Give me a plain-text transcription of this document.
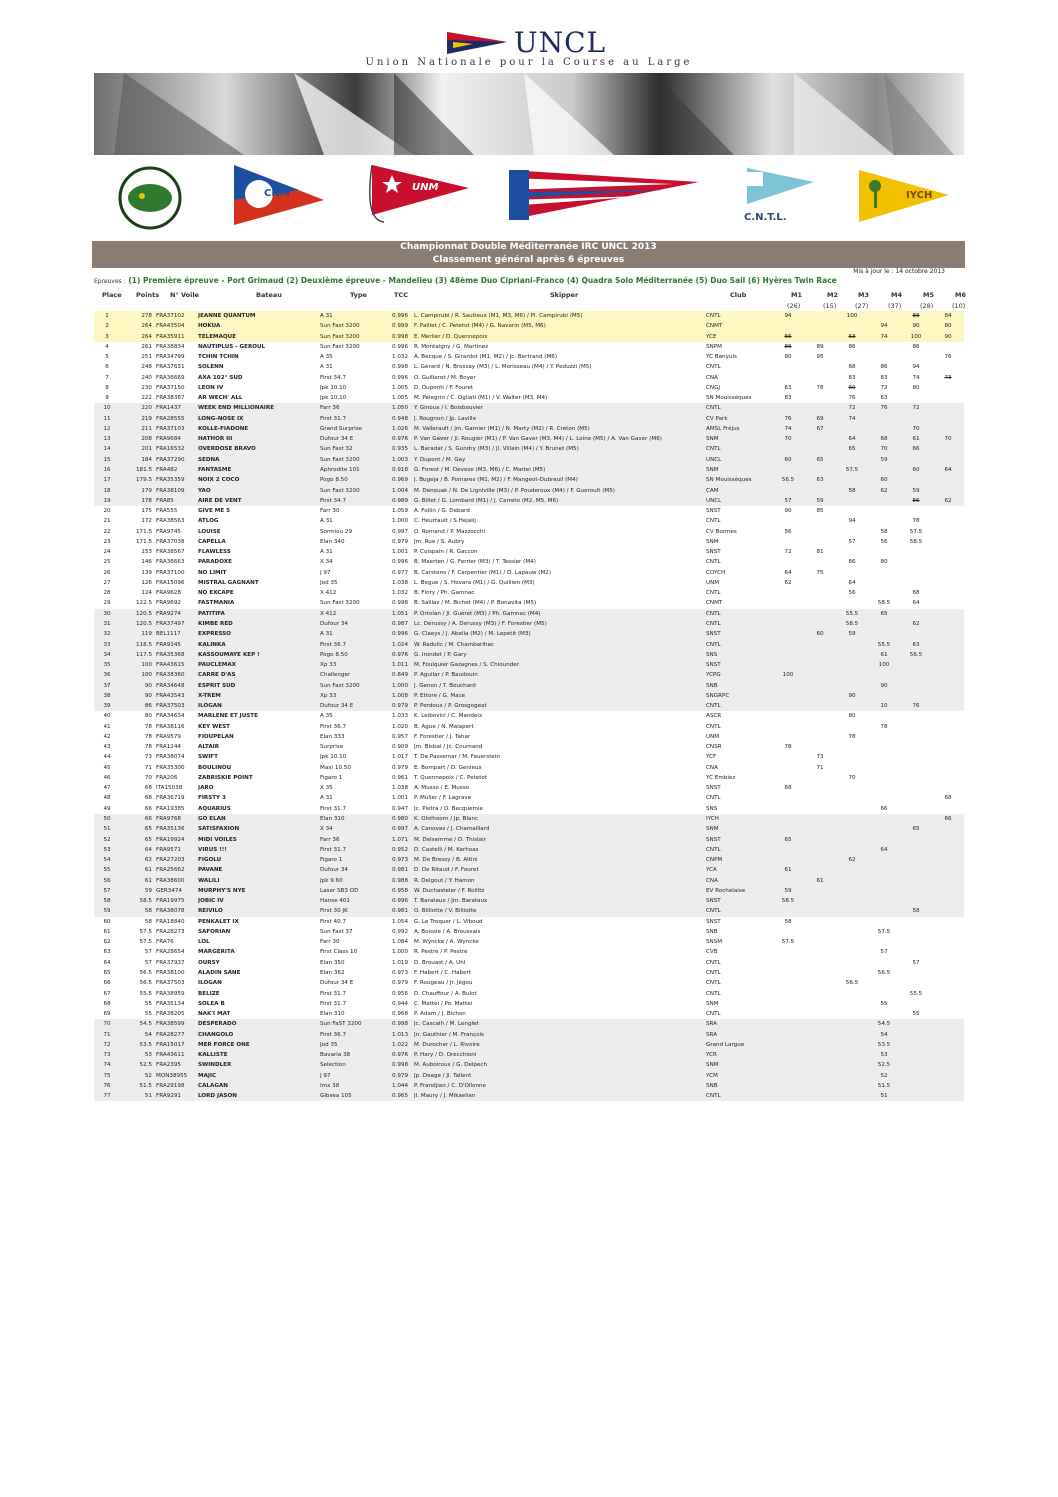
UNCL
Union Nationale pour la Course au Large
CNM
UNM
C.N.T.L.
IYCH
Championnat Double Méditerranée IRC UNCL 2013
Classement général après 6 épreuves
Mis à jour le : 14 octobre 2013
Epreuves : (1) Première épreuve - Port Grimaud (2) Deuxième épreuve - Mandelieu (3) 48ème Duo Cipriani-Franco (4) Quadra Solo Méditerranée (5) Duo Sail (6) Hyères Twin Race
Place Points N° Voile	Bateau	Type	TCC	Skipper	Club	M1	M2	M3	M4	M5	M6
(26)	(15)	(27)	(37)	(28)	(10)
1	278	FRA37102	JEANNE QUANTUM	A 31	0.996	L. Campirubi / R. Sautieux (M1, M3, M6) / Pl. Campirubi (M5)	CNTL	94		100		83	84
2	264	FRA43504	HOKUA	Sun Fast 3200	0.999	F. Paillet / C. Petetot (M4) / G. Navarin (M5, M6)	CNMT				94	90	80
3	264	FRA35911	TELEMAQUE	Sun Fast 3200	0.998	E. Merlier / D. Quennepoix	YCE	66		63	74	100	90
4	261	FRA38834	NAUTIPLUS - GEROUL	Sun Fast 3200	0.996	R. Montaigny / G. Martinez	SNPM	86	89	86		86	
5	251	FRA34799	TCHIN TCHIN	A 35	1.032	A. Becque / S. Girardot (M1, M2) / Jc. Bertrand (M6)	YC Banyuls	80	95				76
6	248	FRA37631	SOLENN	A 31	0.998	L. Gérard / N. Brossay (M3) / L. Morisseau (M4) / Y. Peduzzi (M5)	CNTL			68	86	94	
7	240	FRA36669	AXA 102° SUD	First 34.7	0.996	O. Guillerot / M. Boyer	CNA			83	83	74	73
8	230	FRA37150	LEON IV	Jpk 10.10	1.005	D. Duponti / F. Fouret	CNGJ	63	78	60	72	80	
9	222	FRA38387	AR WECH' ALL	Jpk 10.10	1.005	M. Pelegrin / C. Ogliati (M1) / V. Walter (M3, M4)	SN Mouissèques	83		76	63		
10	220	FRA1437	WEEK END MILLIONAIRE	Farr 36	1.050	Y. Ginoux / I. Boisbouvier	CNTL			72	76	72	
11	219	FRA28555	LONG-NOSE IX	First 31.7	0.948	J. Rougnon / Jp. Laville	CV Park	76	69	74			
12	211	FRA37103	KOLLE-FIADONE	Grand Surprise	1.026	M. Vallerault / Jm. Garnier (M1) / N. Marty (M2) / R. Creton (M5)	AMSL Fréjus	74	67			70	
13	208	FRA9684	HATHOR III	Dufour 34 E	0.976	P. Van Gaver / Jl. Rougier (M1) / P. Van Gaver (M3, M4) / L. Loine (M5) / A. Van Gaver (M6)	SNM	70		64	68	61	70
14	201	FRA16532	OVERDOSE BRAVO	Sun Fast 32	0.935	L. Baradat / S. Gundry (M3) / Jl. Villain (M4) / Y. Brunet (M5)	CNTL			65	70	66	
15	184	FRA37290	SEDNA	Sun Fast 3200	1.003	Y. Dupont / M. Gay	UNCL	60	65		59		
16	181.5	FRA482	FANTASME	Aphrodite 101	0.918	G. Forest / M. Deveze (M3, M6) / C. Mattei (M5)	SNM			57.5		60	64
17	179.5	FRA35359	NOIX 2 COCO	Pogo 8.50	0.969	J. Bugeja / B. Pomares (M1, M2) / F. Mangeot-Dubreuil (M4)	SN Mouissèques	56.5	63		60		
18	179	FRA38109	YAO	Sun Fast 3200	1.004	M. Denouak / N. De Ligniville (M3) / P. Pouderoux (M4) / F. Gueroult (M5)	CAM			58	62	59	
19	178	FRA85	AIRE DE VENT	First 34.7	0.989	G. Billet / G. Lombard (M1) / J. Carreto (M2, M5, M6)	UNCL	57	59			56	62
20	175	FRA555	GIVE ME 5	Farr 30	1.059	A. Follin / G. Debard	SNST	90	85				
21	172	FRA38563	ATLOG	A 31	1.000	C. Heurtault / S.Hejalij	CNTL			94		78	
22	171.5	FRA9745	LOUISE	Sormiou 29	0.997	O. Romand / P. Mazzocchi	CV Bormes	56			58	57.5	
23	171.5	FRA37038	CAPELLA	Elan 340	0.979	Jm. Rue / S. Aubry	SNM			57	56	58.5	
24	153	FRA38567	FLAWLESS	A 31	1.001	P. Coispain / R. Gaccon	SNST	72	81				
25	146	FRA36663	PARADOXE	X 34	0.996	B. Maerten / G. Ferrier (M3) / T. Tessier (M4)	CNTL			66	80		
26	139	FRA37100	NO LIMIT	J 97	0.977	B. Carstens / F. Carpentier (M1) / D. Lapauw (M2)	COYCH	64	75				
27	126	FRA15096	MISTRAL GAGNANT	Jod 35	1.038	L. Begue / S. Hovara (M1) / G. Quillien (M3)	UNM	62		64			
28	124	FRA9628	NO EXCAPE	X 412	1.032	B. Flory / Ph. Gamnac	CNTL			56		68	
29	122.5	FRA9692	FASTMANIA	Sun Fast 3200	0.998	B. Saillaz / M. Bichet (M4) / P. Bonavita (M5)	CNMT				58.5	64	
30	120.5	FRA9274	PATITIFA	X 412	1.051	P. Ortolan / Jl. Gueret (M3) / Ph. Gamnac (M4)	CNTL			55.5	65		
31	120.5	FRA37497	KIMBE RED	Dufour 34	0.987	Lc. Derussy / A. Derussy (M3) / F. Forestier (M5)	CNTL			58.5		62	
32	119	BEL1117	EXPRESSO	A 31	0.996	G. Claeys / J. Abella (M2) / M. Lepetit (M3)	SNST		60	59			
33	118.5	FRA9145	KALINKA	First 36.7	1.024	W. Radulic / M. Chambarlhac	CNTL				55.5	63	
34	117.5	FRA35368	KASSOUMAYE KEP !	Pogo 8.50	0.976	G. Irondet / P. Gary	SNS				61	56.5	
35	100	FRA43615	PAUCLEMAX	Xp 33	1.011	M. Foulquier Gazagnes / S. Chlounder	SNST				100		
36	100	FRA38360	CARRE D'AS	Challenger	0.849	P. Aguilar / P. Baudouin	YCPG	100					
37	90	FRA34648	ESPRIT SUD	Sun Fast 3200	1.000	J. Genon / T. Bouchard	SNB				90		
38	90	FRA43543	X-TREM	Xp 33	1.008	P. Ettore / G. Mace	SNGRPC			90			
39	86	FRA37503	ILOGAN	Dufour 34 E	0.979	P. Perdoux / P. Grosgogeat	CNTL				10	76	
40	80	FRA34634	MARLENE ET JUSTE	A 35	1.033	K. Leibovici / C. Mandeix	ASCR			80			
41	78	FRA38116	KEY WEST	First 36.7	1.020	B. Ague / N. Malapert	CNTL				78		
42	78	FRA9579	FIOUPELAN	Elan 333	0.957	F. Forestier / J. Tahar	UNM			78			
43	78	FRA1244	ALTAIR	Surprise	0.909	Jm. Bisbal / Jc. Cournand	CNSR	78					
44	73	FRA38074	SWIFT	Jpk 10.10	1.017	T. De Passemar / M. Feuerstein	YCF		73				
45	71	FRA35300	BOULINOU	Maxi 10.50	0.979	E. Bompart / D. Genieux	CNA		71				
46	70	FRA206	ZABRISKIE POINT	Figaro 1	0.961	T. Quennepoix / C. Petetot	YC Embiez			70			
47	68	ITA15038	JARO	X 35	1.038	A. Musso / E. Musso	SNST	68					
48	68	FRA36719	FIRSTY 3	A 31	1.001	P. Muller / F. Lagrave	CNTL						68
49	66	FRA19385	AQUARIUS	First 31.7	0.947	Jc. Pietra / O. Becquemie	SNS				66		
50	66	FRA9768	GO ELAN	Elan 310	0.980	K. Olsthoorn / Jp. Blanc	IYCH						66
51	65	FRA35136	SATISFAXION	X 34	0.997	A. Canovas / J. Chamaillard	SNM					65	
52	65	FRA19924	MIDI VOILES	Farr 36	1.071	M. Delsemme / D. Thislair	SNST	65					
53	64	FRA9571	VIRUS !!!	First 31.7	0.952	D. Castelli / M. Kerhoas	CNTL				64		
54	62	FRA27203	FIGOLU	Figaro 1	0.973	M. De Bressy / B. Altini	CNPM			62			
55	61	FRA25662	PAVANE	Dufour 34	0.981	D. De Ritaud / F. Fouret	YCA	61					
56	61	FRA38600	WALILI	Jpk 9.60	0.988	R. Delgout / Y. Hamon	CNA		61				
57	59	GER3474	MURPHY'S NYE	Laser SB3 OD	0.958	W. Duchasteler / F. Rollitz	EV Rochelaise	59					
58	58.5	FRA19975	JOBIC IV	Hanse 401	0.996	T. Barataux / Jm. Barataux	SNST	58.5					
59	58	FRA38078	REIVILO	First 30 JK	0.981	O. Billiotte / V. Billiotte	CNTL					58	
60	58	FRA18840	PENKALET IX	First 40.7	1.054	G. Le Troquer / L. Viboud	SNST	58					
61	57.5	FRA28273	SAFORIAN	Sun Fast 37	0.992	A. Boissie / A. Broussais	SNB				57.5		
62	57.5	FRA76	LOL	Farr 30	1.084	M. Wyncke / A. Wyncke	SNSM	57.5					
63	57	FRA28654	MARGERITA	First Class 10	1.000	R. Pestre / P. Pestre	CVB				57		
64	57	FRA37937	OURSY	Elan 350	1.019	D. Brouast / A. Uhl	CNTL					57	
65	56.5	FRA38100	ALADIN SANE	Elan 362	0.973	F. Habert / C. Habert	CNTL				56.5		
66	56.5	FRA37503	ILOGAN	Dufour 34 E	0.979	F. Rougeau / Jr. Jégou	CNTL			56.5			
67	55.5	FRA38959	BELIZE	First 31.7	0.956	D. Chauffour / A. Bulot	CNTL					55.5	
68	55	FRA35134	SOLEA B	First 31.7	0.944	C. Mattei / Po. Mattei	SNM				55		
69	55	FRA38205	NAK'I MAT	Elan 310	0.968	P. Adam / J. Bichon	CNTL					55	
70	54.5	FRA38599	DESPERADO	Sun FaST 3200	0.998	Jc. Cascalh / M. Lenglet	SRA				54.5		
71	54	FRA28277	CHANGOLO	First 36.7	1.013	Jn. Gauthier / M. François	SRA				54		
72	53.5	FRA15017	MER FORCE ONE	Jod 35	1.022	M. Durocher / L. Rivoire	Grand Largue				53.5		
73	53	FRA43611	KALLISTE	Bavaria 38	0.976	P. Hary / D. Orecchioni	YCR				53		
74	52.5	FRA2395	SWINDLER	Selection	0.998	M. Auboiroux / G. Delpech	SNM				52.5		
75	52	MON38955	MAJIC	J 97	0.979	Jp. Deage / Jl. Tallent	YCM				52		
76	51.5	FRA29198	CALAGAN	Imx 38	1.044	P. Frandjian / C. D'Ollonne	SNB				51.5		
77	51	FRA9291	LORD JASON	Gibsea 105	0.965	Jl. Maury / J. Mikaelian	CNTL				51		
